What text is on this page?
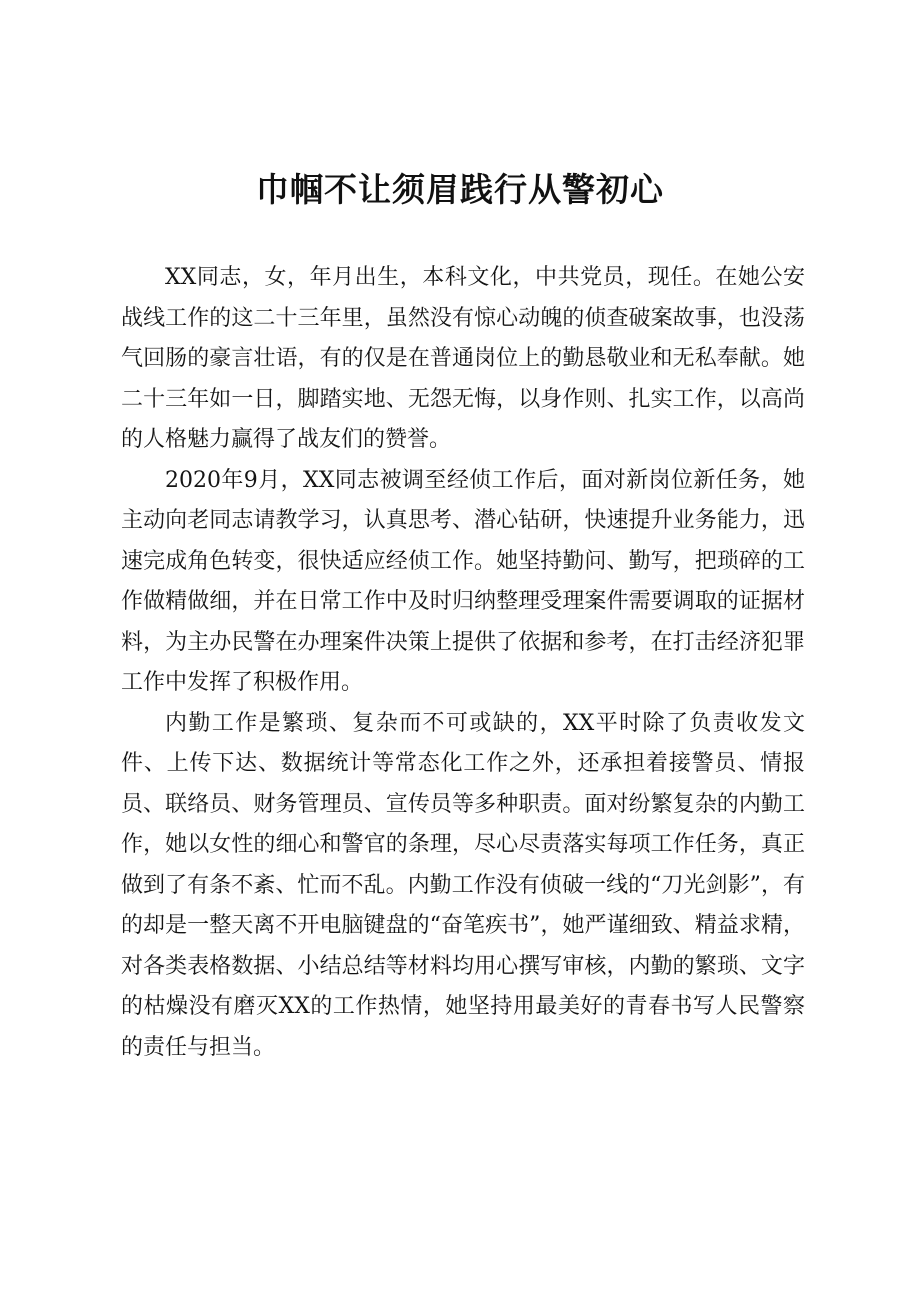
巾帼不让须眉践行从警初心

XX同志，女，年月出生，本科文化，中共党员，现任。在她公安战线工作的这二十三年里，虽然没有惊心动魄的侦查破案故事，也没荡气回肠的豪言壮语，有的仅是在普通岗位上的勤恳敬业和无私奉献。她二十三年如一日，脚踏实地、无怨无悔，以身作则、扎实工作，以高尚的人格魅力赢得了战友们的赞誉。

2020年9月，XX同志被调至经侦工作后，面对新岗位新任务，她主动向老同志请教学习，认真思考、潜心钻研，快速提升业务能力，迅速完成角色转变，很快适应经侦工作。她坚持勤问、勤写，把琐碎的工作做精做细，并在日常工作中及时归纳整理受理案件需要调取的证据材料，为主办民警在办理案件决策上提供了依据和参考，在打击经济犯罪工作中发挥了积极作用。

内勤工作是繁琐、复杂而不可或缺的，XX平时除了负责收发文件、上传下达、数据统计等常态化工作之外，还承担着接警员、情报员、联络员、财务管理员、宣传员等多种职责。面对纷繁复杂的内勤工作，她以女性的细心和警官的条理，尽心尽责落实每项工作任务，真正做到了有条不紊、忙而不乱。内勤工作没有侦破一线的“刀光剑影”，有的却是一整天离不开电脑键盘的“奋笔疾书”，她严谨细致、精益求精，对各类表格数据、小结总结等材料均用心撰写审核，内勤的繁琐、文字的枯燥没有磨灭XX的工作热情，她坚持用最美好的青春书写人民警察的责任与担当。
